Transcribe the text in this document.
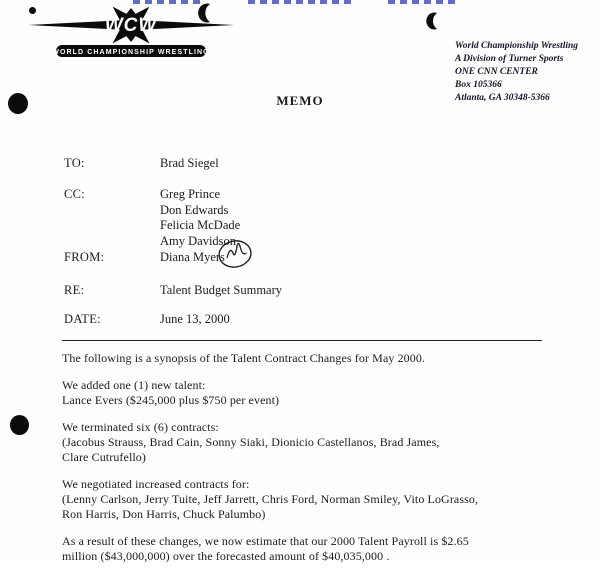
WCW
WORLD CHAMPIONSHIP WRESTLING
World Championship Wrestling
A Division of Turner Sports
ONE CNN CENTER
Box 105366
Atlanta, GA 30348-5366
MEMO
TO:	Brad Siegel
CC:	Greg Prince
Don Edwards
Felicia McDade
Amy Davidson
FROM:	Diana Myers
RE:	Talent Budget Summary
DATE:	June 13, 2000

The following is a synopsis of the Talent Contract Changes for May 2000.

We added one (1) new talent:
Lance Evers ($245,000 plus $750 per event)

We terminated six (6) contracts:
(Jacobus Strauss, Brad Cain, Sonny Siaki, Dionicio Castellanos, Brad James,
Clare Cutrufello)

We negotiated increased contracts for:
(Lenny Carlson, Jerry Tuite, Jeff Jarrett, Chris Ford, Norman Smiley, Vito LoGrasso,
Ron Harris, Don Harris, Chuck Palumbo)

As a result of these changes, we now estimate that our 2000 Talent Payroll is $2.65
million ($43,000,000) over the forecasted amount of $40,035,000 .
